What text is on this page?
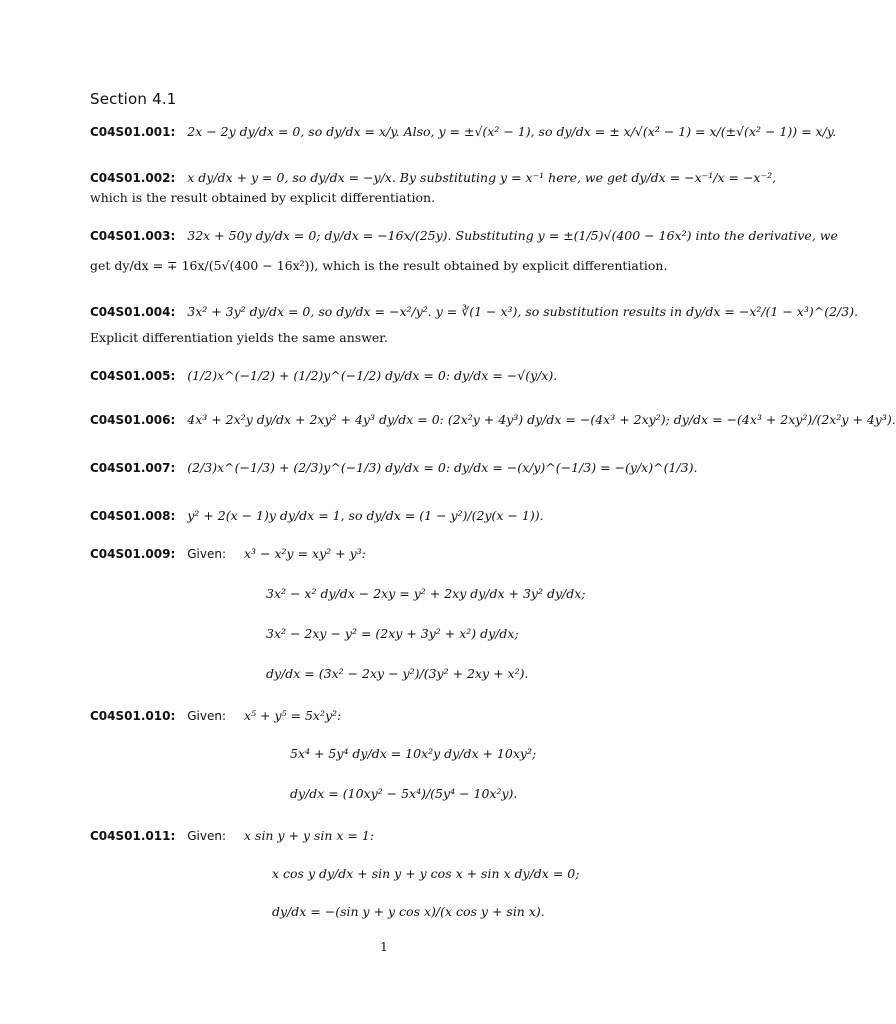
Section 4.1
C04S01.001: 2x − 2y dy/dx = 0, so dy/dx = x/y. Also, y = ±√(x² − 1), so dy/dx = ± x/√(x² − 1) = x/(±√(x² − 1)) = x/y.
C04S01.002: x dy/dx + y = 0, so dy/dx = −y/x. By substituting y = x⁻¹ here, we get dy/dx = −x⁻¹/x = −x⁻²,
which is the result obtained by explicit differentiation.
C04S01.003: 32x + 50y dy/dx = 0; dy/dx = −16x/(25y). Substituting y = ±(1/5)√(400 − 16x²) into the derivative, we
get dy/dx = ∓ 16x/(5√(400 − 16x²)), which is the result obtained by explicit differentiation.
C04S01.004: 3x² + 3y² dy/dx = 0, so dy/dx = −x²/y². y = ∛(1 − x³), so substitution results in dy/dx = −x²/(1 − x³)^(2/3).
Explicit differentiation yields the same answer.
C04S01.005: (1/2)x^(−1/2) + (1/2)y^(−1/2) dy/dx = 0: dy/dx = −√(y/x).
C04S01.006: 4x³ + 2x²y dy/dx + 2xy² + 4y³ dy/dx = 0: (2x²y + 4y³) dy/dx = −(4x³ + 2xy²); dy/dx = −(4x³ + 2xy²)/(2x²y + 4y³).
C04S01.007: (2/3)x^(−1/3) + (2/3)y^(−1/3) dy/dx = 0: dy/dx = −(x/y)^(−1/3) = −(y/x)^(1/3).
C04S01.008: y² + 2(x − 1)y dy/dx = 1, so dy/dx = (1 − y²)/(2y(x − 1)).
C04S01.009: Given: x³ − x²y = xy² + y³:
3x² − x² dy/dx − 2xy = y² + 2xy dy/dx + 3y² dy/dx;
3x² − 2xy − y² = (2xy + 3y² + x²) dy/dx;
dy/dx = (3x² − 2xy − y²)/(3y² + 2xy + x²).
C04S01.010: Given: x⁵ + y⁵ = 5x²y²:
5x⁴ + 5y⁴ dy/dx = 10x²y dy/dx + 10xy²;
dy/dx = (10xy² − 5x⁴)/(5y⁴ − 10x²y).
C04S01.011: Given: x sin y + y sin x = 1:
x cos y dy/dx + sin y + y cos x + sin x dy/dx = 0;
dy/dx = −(sin y + y cos x)/(x cos y + sin x).
1
